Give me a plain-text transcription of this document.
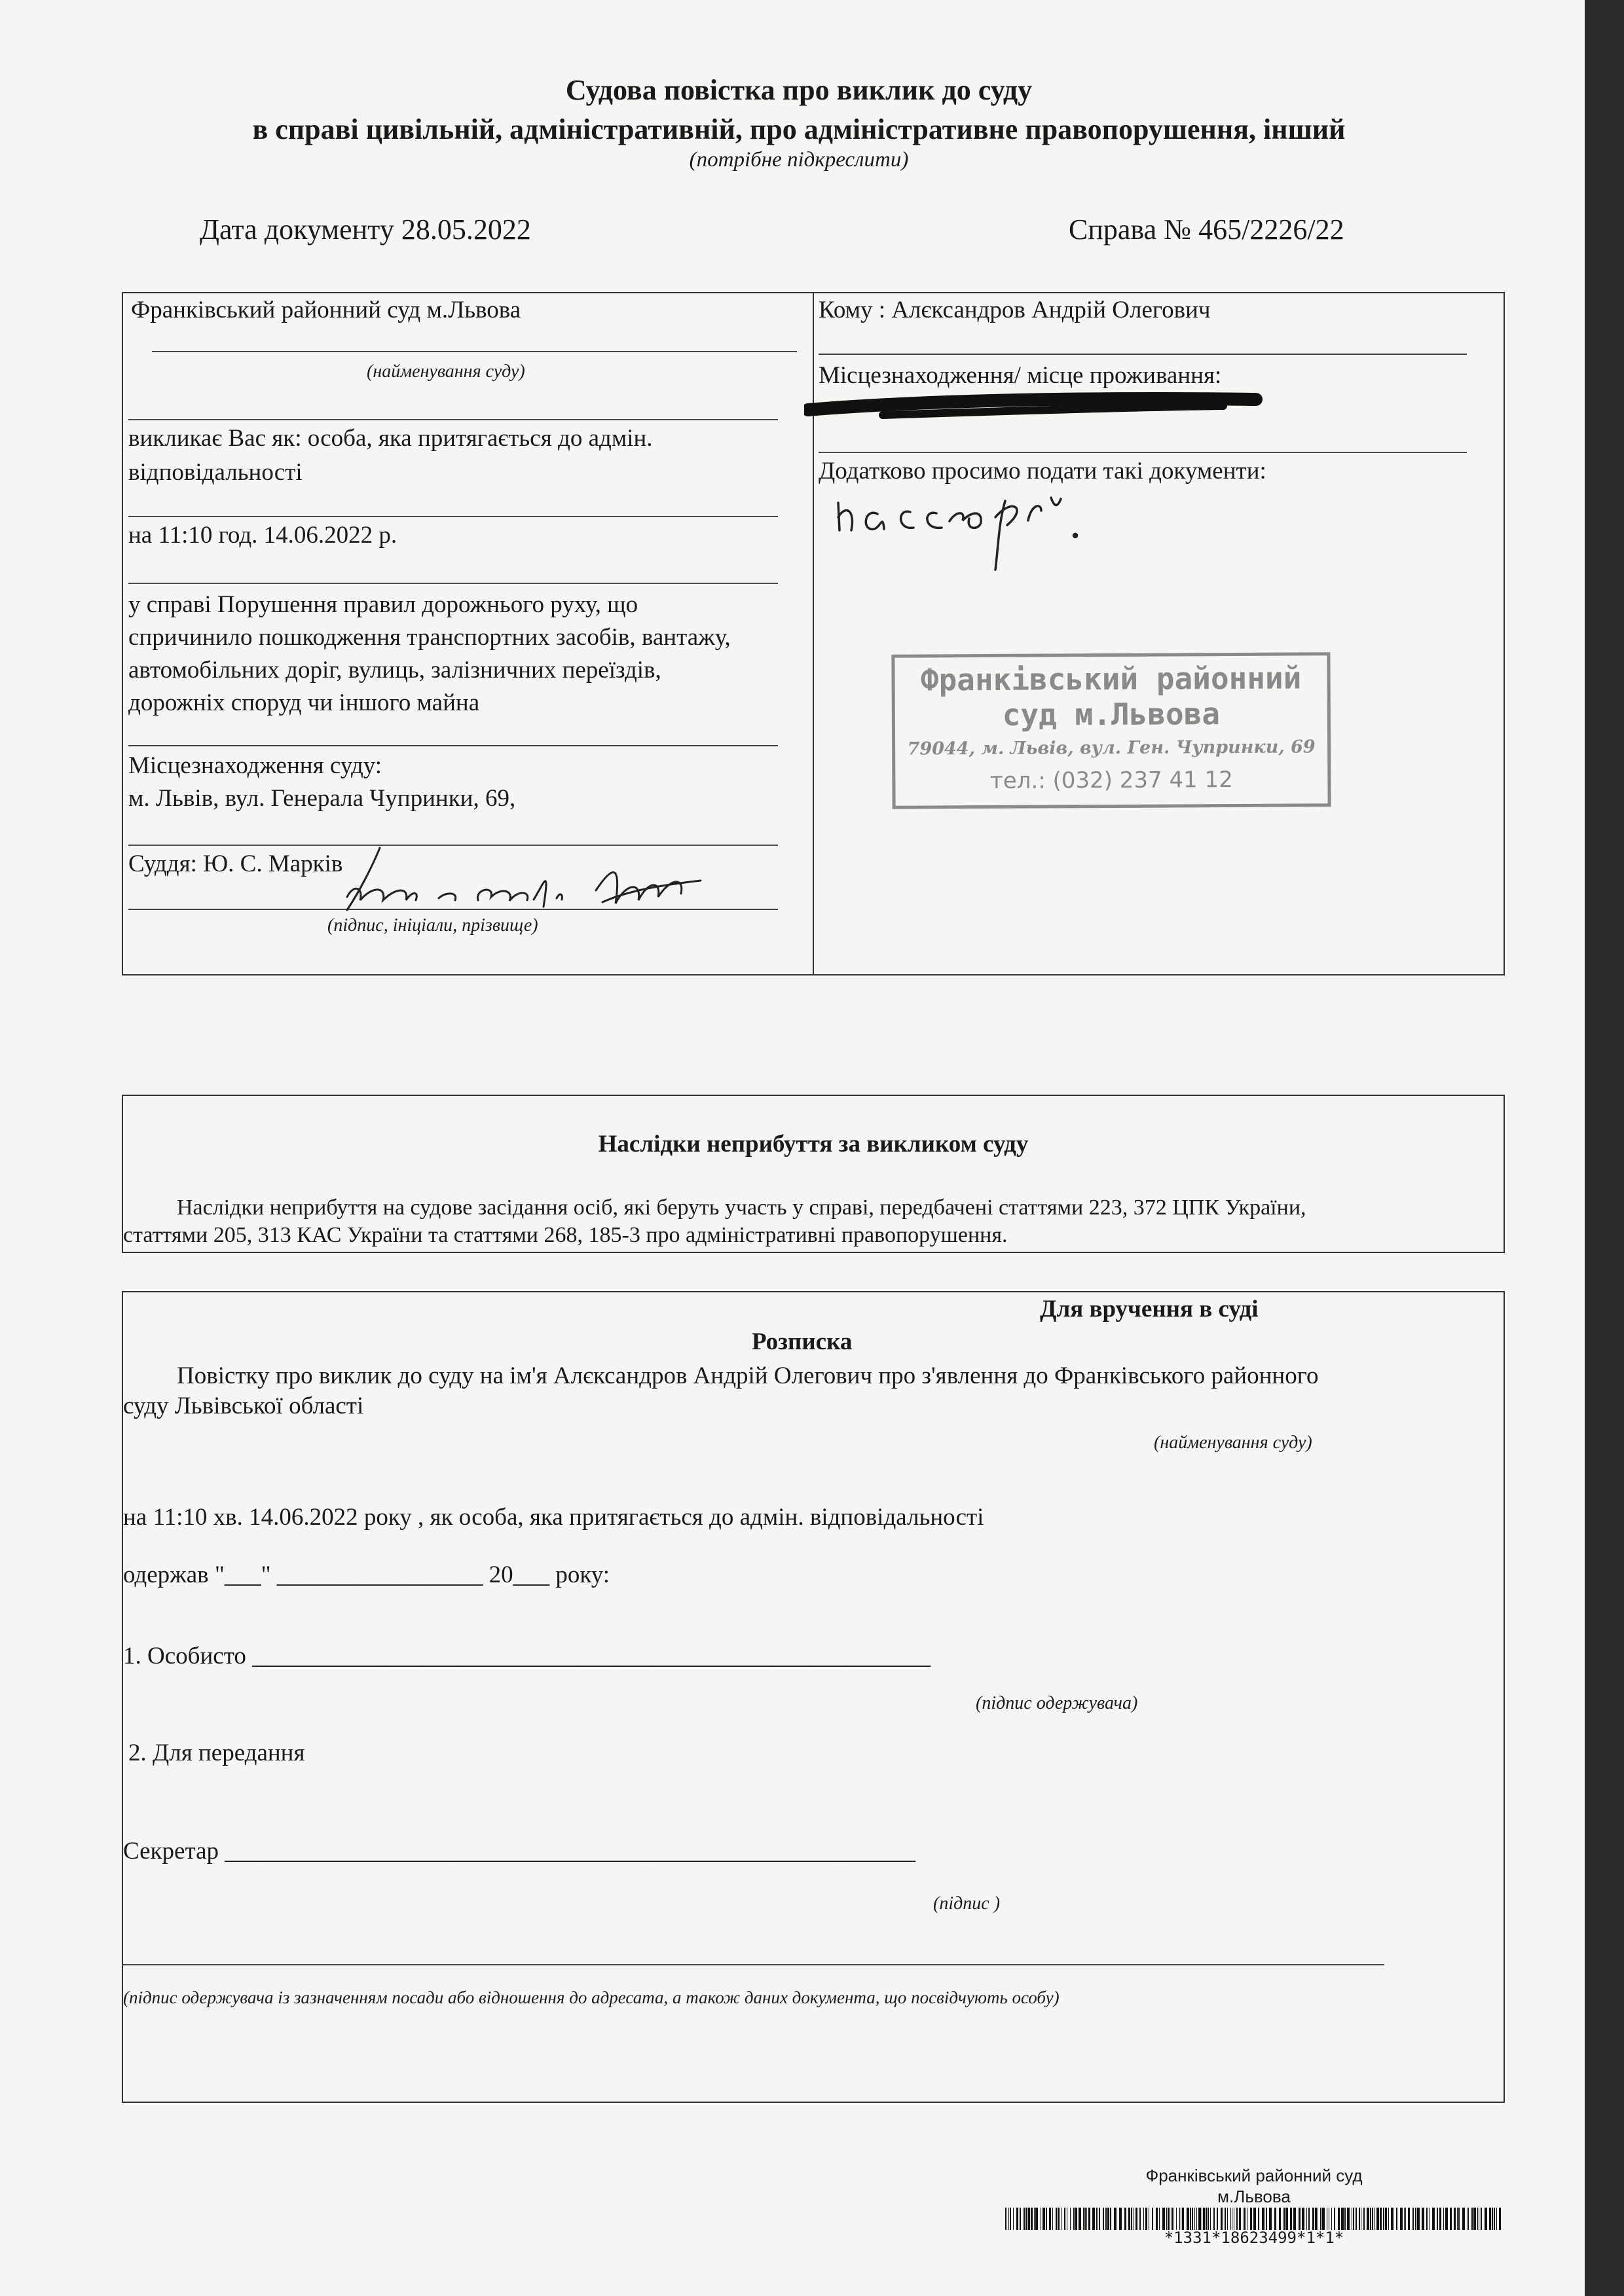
Судова повістка про виклик до суду
в справі цивільній, адміністративній, про адміністративне правопорушення, інший
(потрібне підкреслити)
Дата документу 28.05.2022	Справа № 465/2226/22
Франківський районний суд м.Львова
(найменування суду)
викликає Вас як: особа, яка притягається до адмін.
відповідальності
на 11:10 год. 14.06.2022 р.
у справі Порушення правил дорожнього руху, що
спричинило пошкодження транспортних засобів, вантажу,
автомобільних доріг, вулиць, залізничних переїздів,
дорожніх споруд чи іншого майна
Місцезнаходження суду:
м. Львів, вул. Генерала Чупринки, 69,
Суддя: Ю. С. Марків
(підпис, ініціали, прізвище)
Кому : Алєксандров Андрій Олегович
Місцезнаходження/ місце проживання:
Додатково просимо подати такі документи:
Франківський районний
суд м.Львова
79044, м. Львів, вул. Ген. Чупринки, 69
тел.: (032) 237 41 12
Наслідки неприбуття за викликом суду
Наслідки неприбуття на судове засідання осіб, які беруть участь у справі, передбачені статтями 223, 372 ЦПК України,
статтями 205, 313 КАС України та статтями 268, 185-3 про адміністративні правопорушення.
Для вручення в суді
Розписка
Повістку про виклик до суду на ім'я Алєксандров Андрій Олегович про з'явлення до Франківського районного
суду Львівської області
(найменування суду)
на 11:10 хв. 14.06.2022 року , як особа, яка притягається до адмін. відповідальності
одержав "___" _________________ 20___ року:
1. Особисто ________________________________________________________
(підпис одержувача)
2. Для передання
Секретар _________________________________________________________
(підпис )
(підпис одержувача із зазначенням посади або відношення до адресата, а також даних документа, що посвідчують особу)
Франківський районний суд
м.Львова
*1331*18623499*1*1*
